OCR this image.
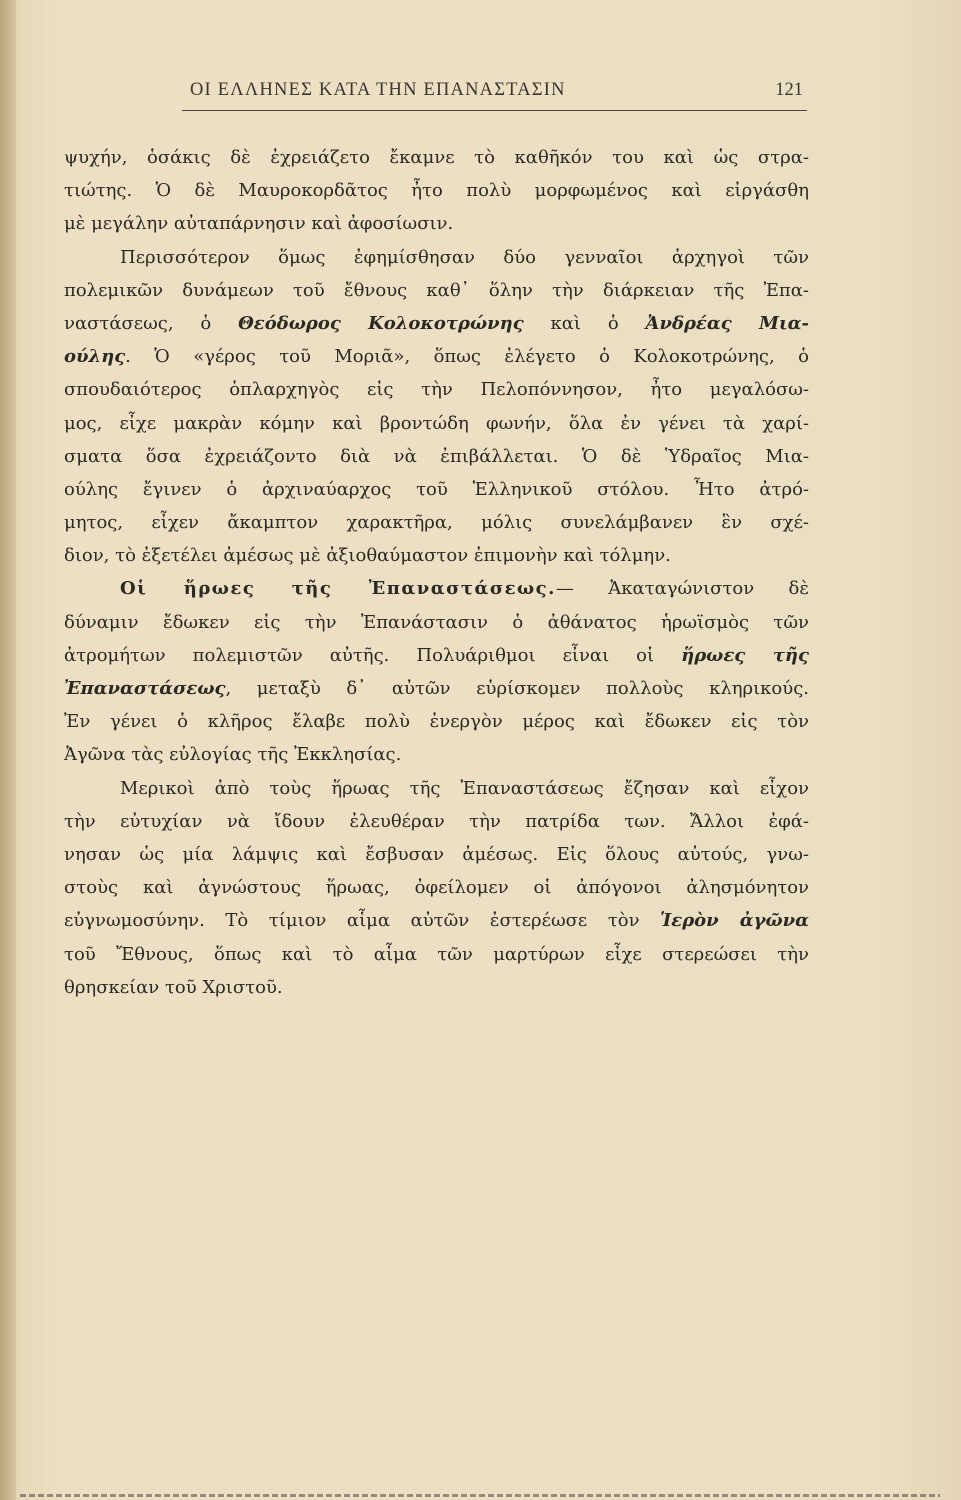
ΟΙ ΕΛΛΗΝΕΣ ΚΑΤΑ ΤΗΝ ΕΠΑΝΑΣΤΑΣΙΝ	121
ψυχήν, ὁσάκις δὲ ἐχρειάζετο ἔκαμνε τὸ καθῆκόν του καὶ ὡς στρα-
τιώτης. Ὁ δὲ Μαυροκορδᾶτος ἦτο πολὺ μορφωμένος καὶ εἰργάσθη
μὲ μεγάλην αὐταπάρνησιν καὶ ἀφοσίωσιν.
Περισσότερον ὅμως ἐφημίσθησαν δύο γενναῖοι ἀρχηγοὶ τῶν
πολεμικῶν δυνάμεων τοῦ ἔθνους καθ᾽ ὅλην τὴν διάρκειαν τῆς Ἐπα-
ναστάσεως, ὁ Θεόδωρος Κολοκοτρώνης καὶ ὁ Ἀνδρέας Μια-
ούλης. Ὁ «γέρος τοῦ Μοριᾶ», ὅπως ἐλέγετο ὁ Κολοκοτρώνης, ὁ
σπουδαιότερος ὁπλαρχηγὸς εἰς τὴν Πελοπόννησον, ἦτο μεγαλόσω-
μος, εἶχε μακρὰν κόμην καὶ βροντώδη φωνήν, ὅλα ἐν γένει τὰ χαρί-
σματα ὅσα ἐχρειάζοντο διὰ νὰ ἐπιβάλλεται. Ὁ δὲ Ὑδραῖος Μια-
ούλης ἔγινεν ὁ ἀρχιναύαρχος τοῦ Ἑλληνικοῦ στόλου. Ἦτο ἀτρό-
μητος, εἶχεν ἄκαμπτον χαρακτῆρα, μόλις συνελάμβανεν ἓν σχέ-
διον, τὸ ἐξετέλει ἀμέσως μὲ ἀξιοθαύμαστον ἐπιμονὴν καὶ τόλμην.
Οἱ ἥρωες τῆς Ἐπαναστάσεως.— Ἀκαταγώνιστον δὲ
δύναμιν ἔδωκεν εἰς τὴν Ἐπανάστασιν ὁ ἀθάνατος ἡρωϊσμὸς τῶν
ἀτρομήτων πολεμιστῶν αὐτῆς. Πολυάριθμοι εἶναι οἱ ἥρωες τῆς
Ἐπαναστάσεως, μεταξὺ δ᾽ αὐτῶν εὑρίσκομεν πολλοὺς κληρικούς.
Ἐν γένει ὁ κλῆρος ἔλαβε πολὺ ἐνεργὸν μέρος καὶ ἔδωκεν εἰς τὸν
Ἀγῶνα τὰς εὐλογίας τῆς Ἐκκλησίας.
Μερικοὶ ἀπὸ τοὺς ἥρωας τῆς Ἐπαναστάσεως ἔζησαν καὶ εἶχον
τὴν εὐτυχίαν νὰ ἴδουν ἐλευθέραν τὴν πατρίδα των. Ἄλλοι ἐφά-
νησαν ὡς μία λάμψις καὶ ἔσβυσαν ἀμέσως. Εἰς ὅλους αὐτούς, γνω-
στοὺς καὶ ἀγνώστους ἥρωας, ὀφείλομεν οἱ ἀπόγονοι ἀλησμόνητον
εὐγνωμοσύνην. Τὸ τίμιον αἷμα αὐτῶν ἐστερέωσε τὸν Ἱερὸν ἀγῶνα
τοῦ Ἔθνους, ὅπως καὶ τὸ αἷμα τῶν μαρτύρων εἶχε στερεώσει τὴν
θρησκείαν τοῦ Χριστοῦ.
